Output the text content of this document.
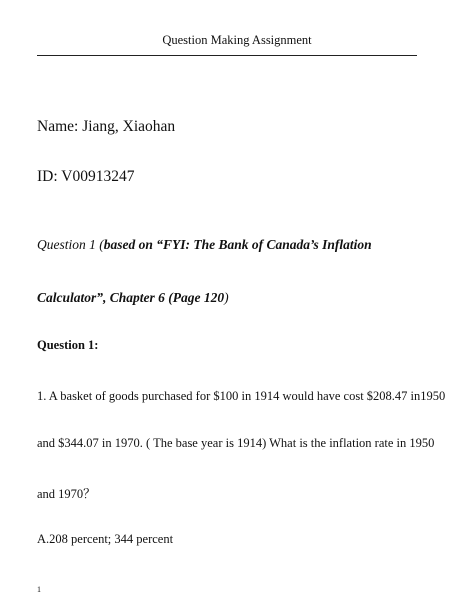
Question Making Assignment
Name: Jiang, Xiaohan
ID: V00913247
Question 1 (based on “FYI: The Bank of Canada’s Inflation
Calculator”, Chapter 6 (Page 120)
Question 1:
1. A basket of goods purchased for $100 in 1914 would have cost $208.47 in1950
and $344.07 in 1970. ( The base year is 1914) What is the inflation rate in 1950
and 1970？
A.208 percent; 344 percent
1
